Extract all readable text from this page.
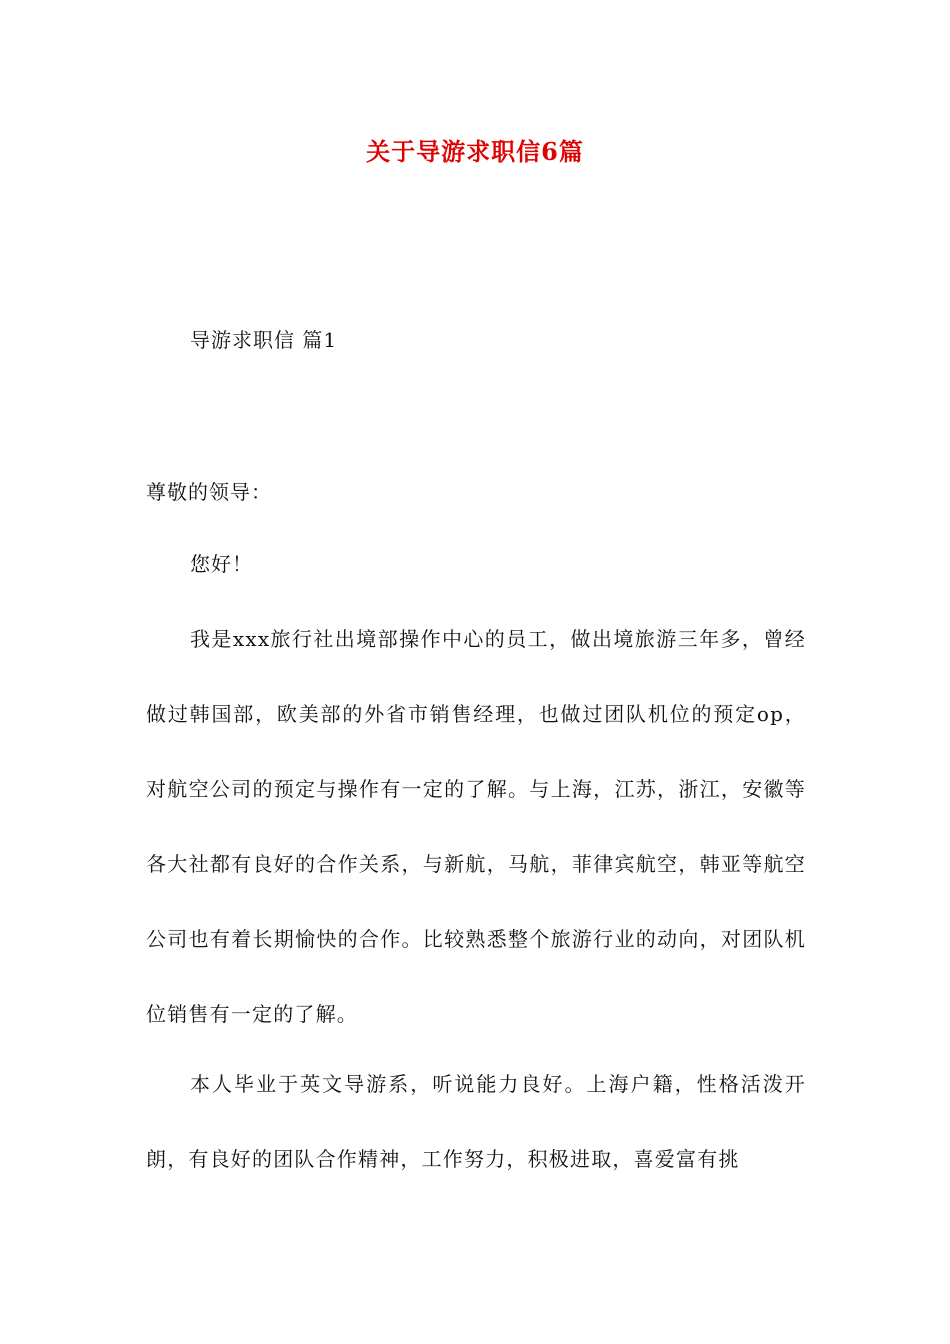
关于导游求职信6篇
导游求职信 篇1
尊敬的领导：
您好！

我是xxx旅行社出境部操作中心的员工，做出境旅游三年多，曾经做过韩国部，欧美部的外省市销售经理，也做过团队机位的预定op，对航空公司的预定与操作有一定的了解。与上海，江苏，浙江，安徽等各大社都有良好的合作关系，与新航，马航，菲律宾航空，韩亚等航空公司也有着长期愉快的合作。比较熟悉整个旅游行业的动向，对团队机位销售有一定的了解。

本人毕业于英文导游系，听说能力良好。上海户籍，性格活泼开朗，有良好的团队合作精神，工作努力，积极进取，喜爱富有挑
